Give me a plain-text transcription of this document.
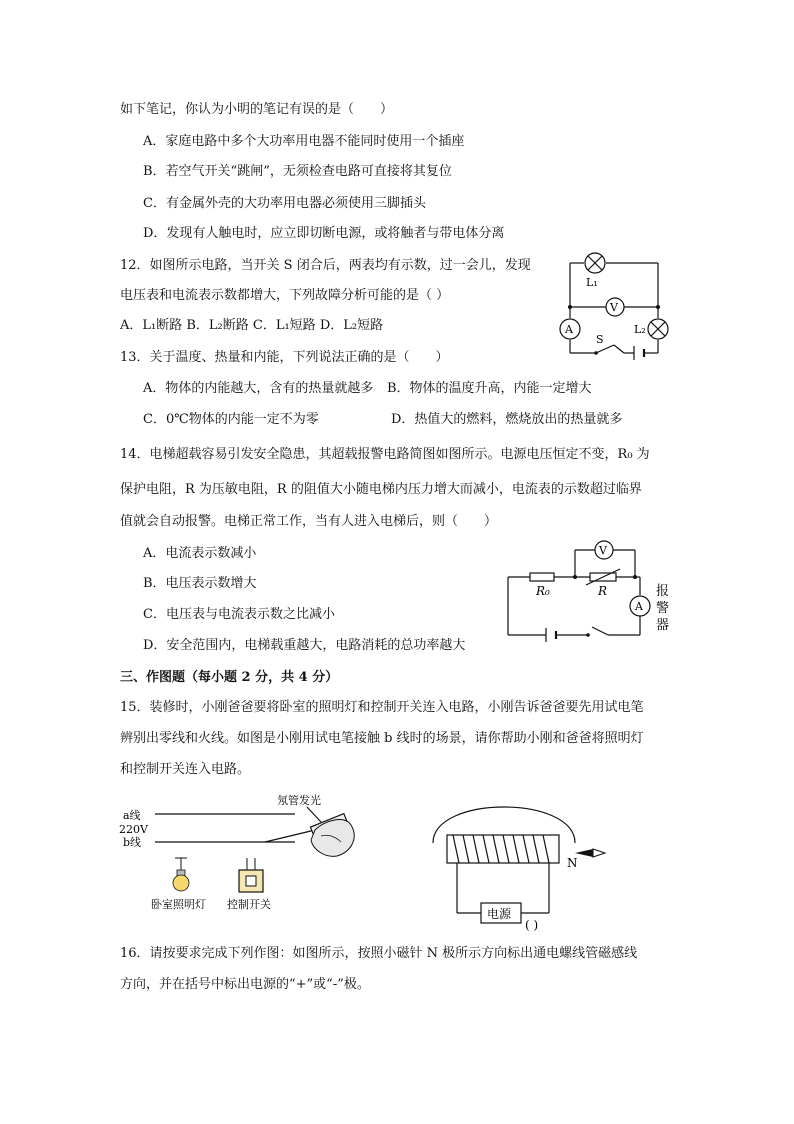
如下笔记，你认为小明的笔记有误的是（　　）
A．家庭电路中多个大功率用电器不能同时使用一个插座
B．若空气开关“跳闸”，无须检查电路可直接将其复位
C．有金属外壳的大功率用电器必须使用三脚插头
D．发现有人触电时，应立即切断电源，或将触者与带电体分离
12．如图所示电路，当开关 S 闭合后，两表均有示数，过一会儿，发现
电压表和电流表示数都增大，下列故障分析可能的是（ ）
A．L₁断路 B．L₂断路 C．L₁短路 D．L₂短路
L₁
V
A	L₂
S
13．关于温度、热量和内能，下列说法正确的是（　　）
A．物体的内能越大，含有的热量就越多 B．物体的温度升高，内能一定增大
C．0℃物体的内能一定不为零	D．热值大的燃料，燃烧放出的热量就多
14．电梯超载容易引发安全隐患，其超载报警电路简图如图所示。电源电压恒定不变，R₀ 为
保护电阻，R 为压敏电阻，R 的阻值大小随电梯内压力增大而减小，电流表的示数超过临界
值就会自动报警。电梯正常工作，当有人进入电梯后，则（　　）
A．电流表示数减小
B．电压表示数增大
C．电压表与电流表示数之比减小
D．安全范围内，电梯载重越大，电路消耗的总功率越大
V
A
R₀	R	报
警
器
三、作图题（每小题 2 分，共 4 分）
15．装修时，小刚爸爸要将卧室的照明灯和控制开关连入电路，小刚告诉爸爸要先用试电笔
辨别出零线和火线。如图是小刚用试电笔接触 b 线时的场景，请你帮助小刚和爸爸将照明灯
和控制开关连入电路。
a线
220V
b线
氖管发光
卧室照明灯 控制开关
N
电源
( )
16．请按要求完成下列作图：如图所示，按照小磁针 N 极所示方向标出通电螺线管磁感线
方向，并在括号中标出电源的“+”或“-”极。
